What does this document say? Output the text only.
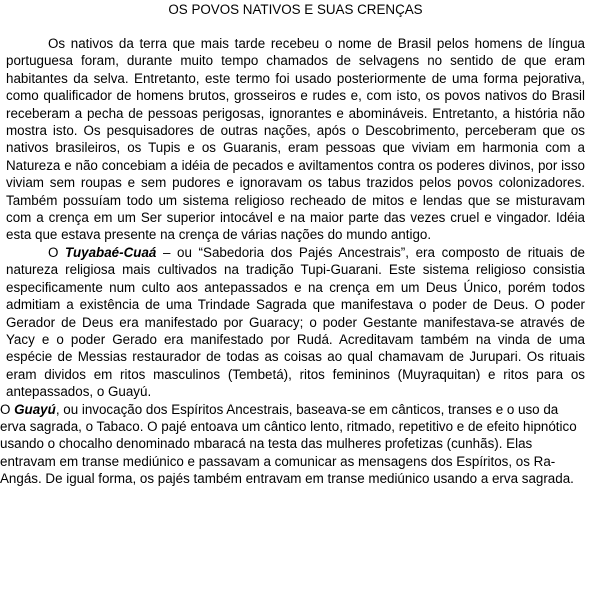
OS POVOS NATIVOS E SUAS CRENÇAS

Os nativos da terra que mais tarde recebeu o nome de Brasil pelos homens de língua portuguesa foram, durante muito tempo chamados de selvagens no sentido de que eram habitantes da selva. Entretanto, este termo foi usado posteriormente de uma forma pejorativa, como qualificador de homens brutos, grosseiros e rudes e, com isto, os povos nativos do Brasil receberam a pecha de pessoas perigosas, ignorantes e abomináveis. Entretanto, a história não mostra isto. Os pesquisadores de outras nações, após o Descobrimento, perceberam que os nativos brasileiros, os Tupis e os Guaranis, eram pessoas que viviam em harmonia com a Natureza e não concebiam a idéia de pecados e aviltamentos contra os poderes divinos, por isso viviam sem roupas e sem pudores e ignoravam os tabus trazidos pelos povos colonizadores. Também possuíam todo um sistema religioso recheado de mitos e lendas que se misturavam com a crença em um Ser superior intocável e na maior parte das vezes cruel e vingador. Idéia esta que estava presente na crença de várias nações do mundo antigo.

O Tuyabaé-Cuaá – ou “Sabedoria dos Pajés Ancestrais”, era composto de rituais de natureza religiosa mais cultivados na tradição Tupi-Guarani. Este sistema religioso consistia especificamente num culto aos antepassados e na crença em um Deus Único, porém todos admitiam a existência de uma Trindade Sagrada que manifestava o poder de Deus. O poder Gerador de Deus era manifestado por Guaracy; o poder Gestante manifestava-se através de Yacy e o poder Gerado era manifestado por Rudá. Acreditavam também na vinda de uma espécie de Messias restaurador de todas as coisas ao qual chamavam de Jurupari. Os rituais eram dividos em ritos masculinos (Tembetá), ritos femininos (Muyraquitan) e ritos para os antepassados, o Guayú.

O Guayú, ou invocação dos Espíritos Ancestrais, baseava-se em cânticos, transes e o uso da erva sagrada, o Tabaco. O pajé entoava um cântico lento, ritmado, repetitivo e de efeito hipnótico usando o chocalho denominado mbaracá na testa das mulheres profetizas (cunhãs). Elas entravam em transe mediúnico e passavam a comunicar as mensagens dos Espíritos, os Ra-Angás. De igual forma, os pajés também entravam em transe mediúnico usando a erva sagrada.
